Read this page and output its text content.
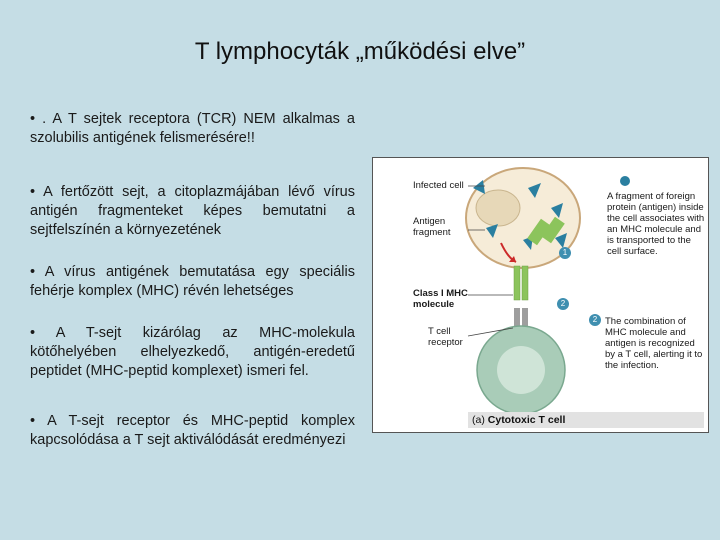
T lymphocyták „működési elve”
• . A T sejtek receptora (TCR) NEM alkalmas a szolubilis antigének felismerésére!!
• A fertőzött sejt, a citoplazmájában lévő vírus antigén fragmenteket képes bemutatni a sejtfelszínén a környezetének
• A vírus antigének bemutatása egy speciális fehérje komplex (MHC) révén lehetséges
• A T-sejt kizárólag az MHC-molekula kötőhelyében elhelyezkedő, antigén-eredetű peptidet (MHC-peptid komplexet) ismeri fel.
• A T-sejt receptor és MHC-peptid komplex kapcsolódása a T sejt aktiválódását eredményezi
Infected cell
Antigen fragment
Class I MHC molecule
T cell receptor
1
2
2
A fragment of foreign protein (antigen) inside the cell associates with an MHC molecule and is transported to the cell surface.
The combination of MHC molecule and antigen is recognized by a T cell, alerting it to the infection.
(a) Cytotoxic T cell
